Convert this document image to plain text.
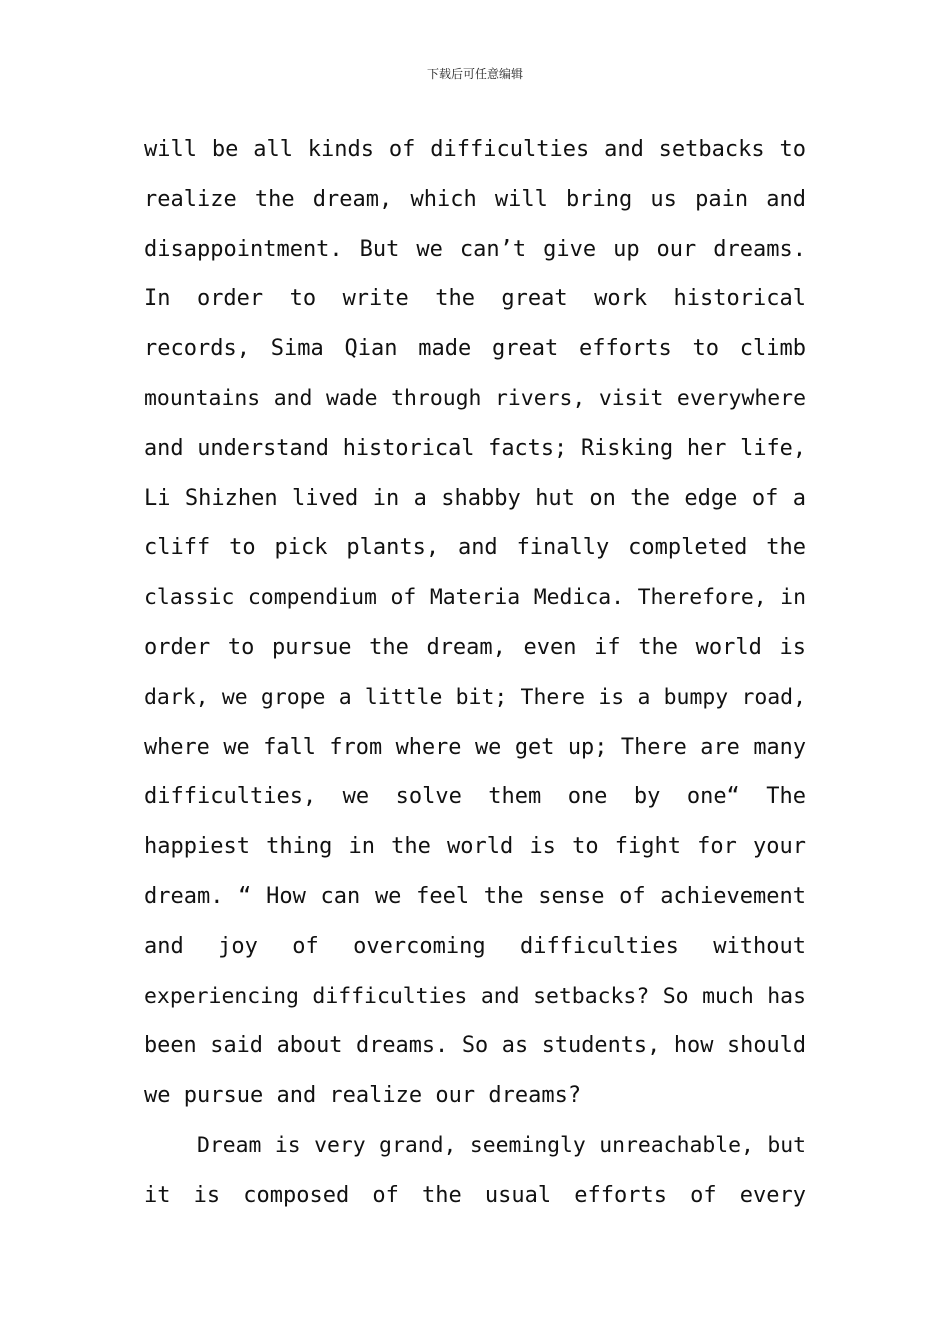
下载后可任意编辑
will be all kinds of difficulties and setbacks to
realize the dream, which will bring us pain and
disappointment. But we can’t give up our dreams.
In order to write the great work historical
records, Sima Qian made great efforts to climb
mountains and wade through rivers, visit everywhere
and understand historical facts; Risking her life,
Li Shizhen lived in a shabby hut on the edge of a
cliff to pick plants, and finally completed the
classic compendium of Materia Medica. Therefore, in
order to pursue the dream, even if the world is
dark, we grope a little bit; There is a bumpy road,
where we fall from where we get up; There are many
difficulties, we solve them one by one“ The
happiest thing in the world is to fight for your
dream. “ How can we feel the sense of achievement
and joy of overcoming difficulties without
experiencing difficulties and setbacks? So much has
been said about dreams. So as students, how should
we pursue and realize our dreams?
Dream is very grand, seemingly unreachable, but
it is composed of the usual efforts of every
